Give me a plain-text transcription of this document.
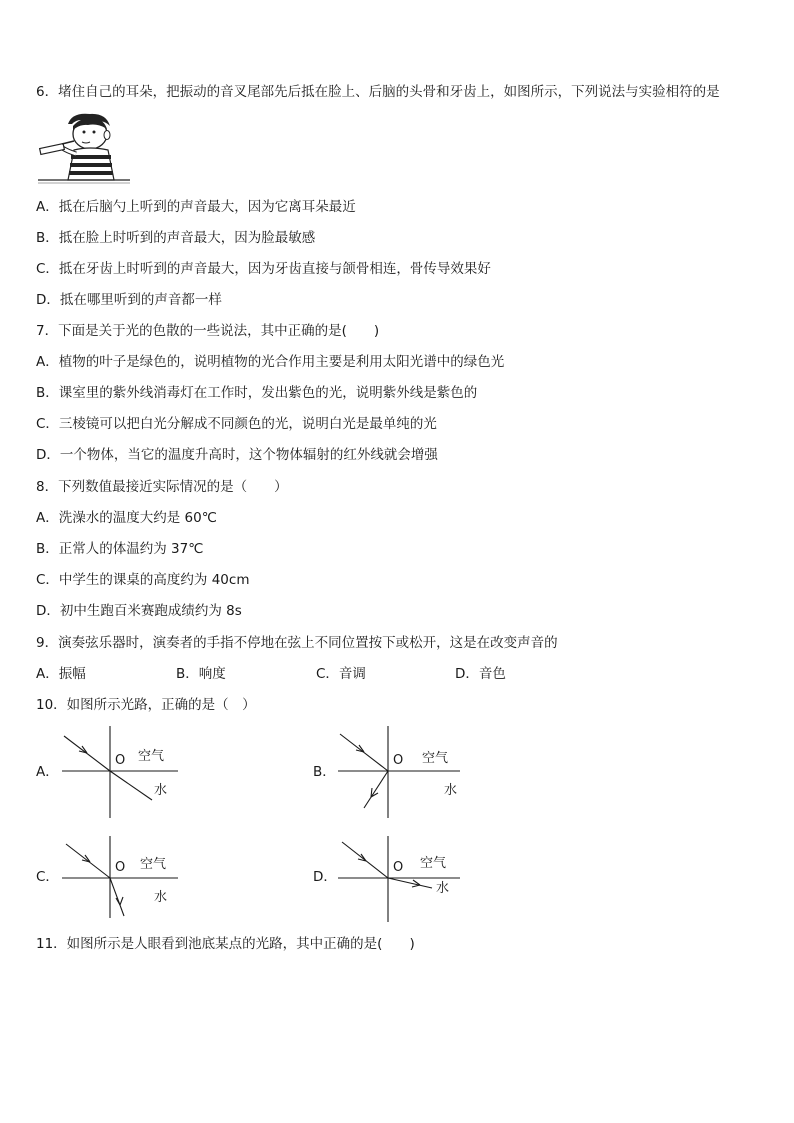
6．堵住自己的耳朵，把振动的音叉尾部先后抵在脸上、后脑的头骨和牙齿上，如图所示，下列说法与实验相符的是
A．抵在后脑勺上听到的声音最大，因为它离耳朵最近
B．抵在脸上时听到的声音最大，因为脸最敏感
C．抵在牙齿上时听到的声音最大，因为牙齿直接与颌骨相连，骨传导效果好
D．抵在哪里听到的声音都一样
7．下面是关于光的色散的一些说法，其中正确的是(　　)
A．植物的叶子是绿色的，说明植物的光合作用主要是利用太阳光谱中的绿色光
B．课室里的紫外线消毒灯在工作时，发出紫色的光，说明紫外线是紫色的
C．三棱镜可以把白光分解成不同颜色的光，说明白光是最单纯的光
D．一个物体，当它的温度升高时，这个物体辐射的红外线就会增强
8．下列数值最接近实际情况的是（　　）
A．洗澡水的温度大约是 60℃
B．正常人的体温约为 37℃
C．中学生的课桌的高度约为 40cm
D．初中生跑百米赛跑成绩约为 8s
9．演奏弦乐器时，演奏者的手指不停地在弦上不同位置按下或松开，这是在改变声音的
A．振幅	B．响度	C．音调	D．音色
10．如图所示光路，正确的是（　）
A．
O 空气
水
B．
O 空气
水
C．
O 空气
水
D．
O 空气
水
11．如图所示是人眼看到池底某点的光路，其中正确的是(　　)
